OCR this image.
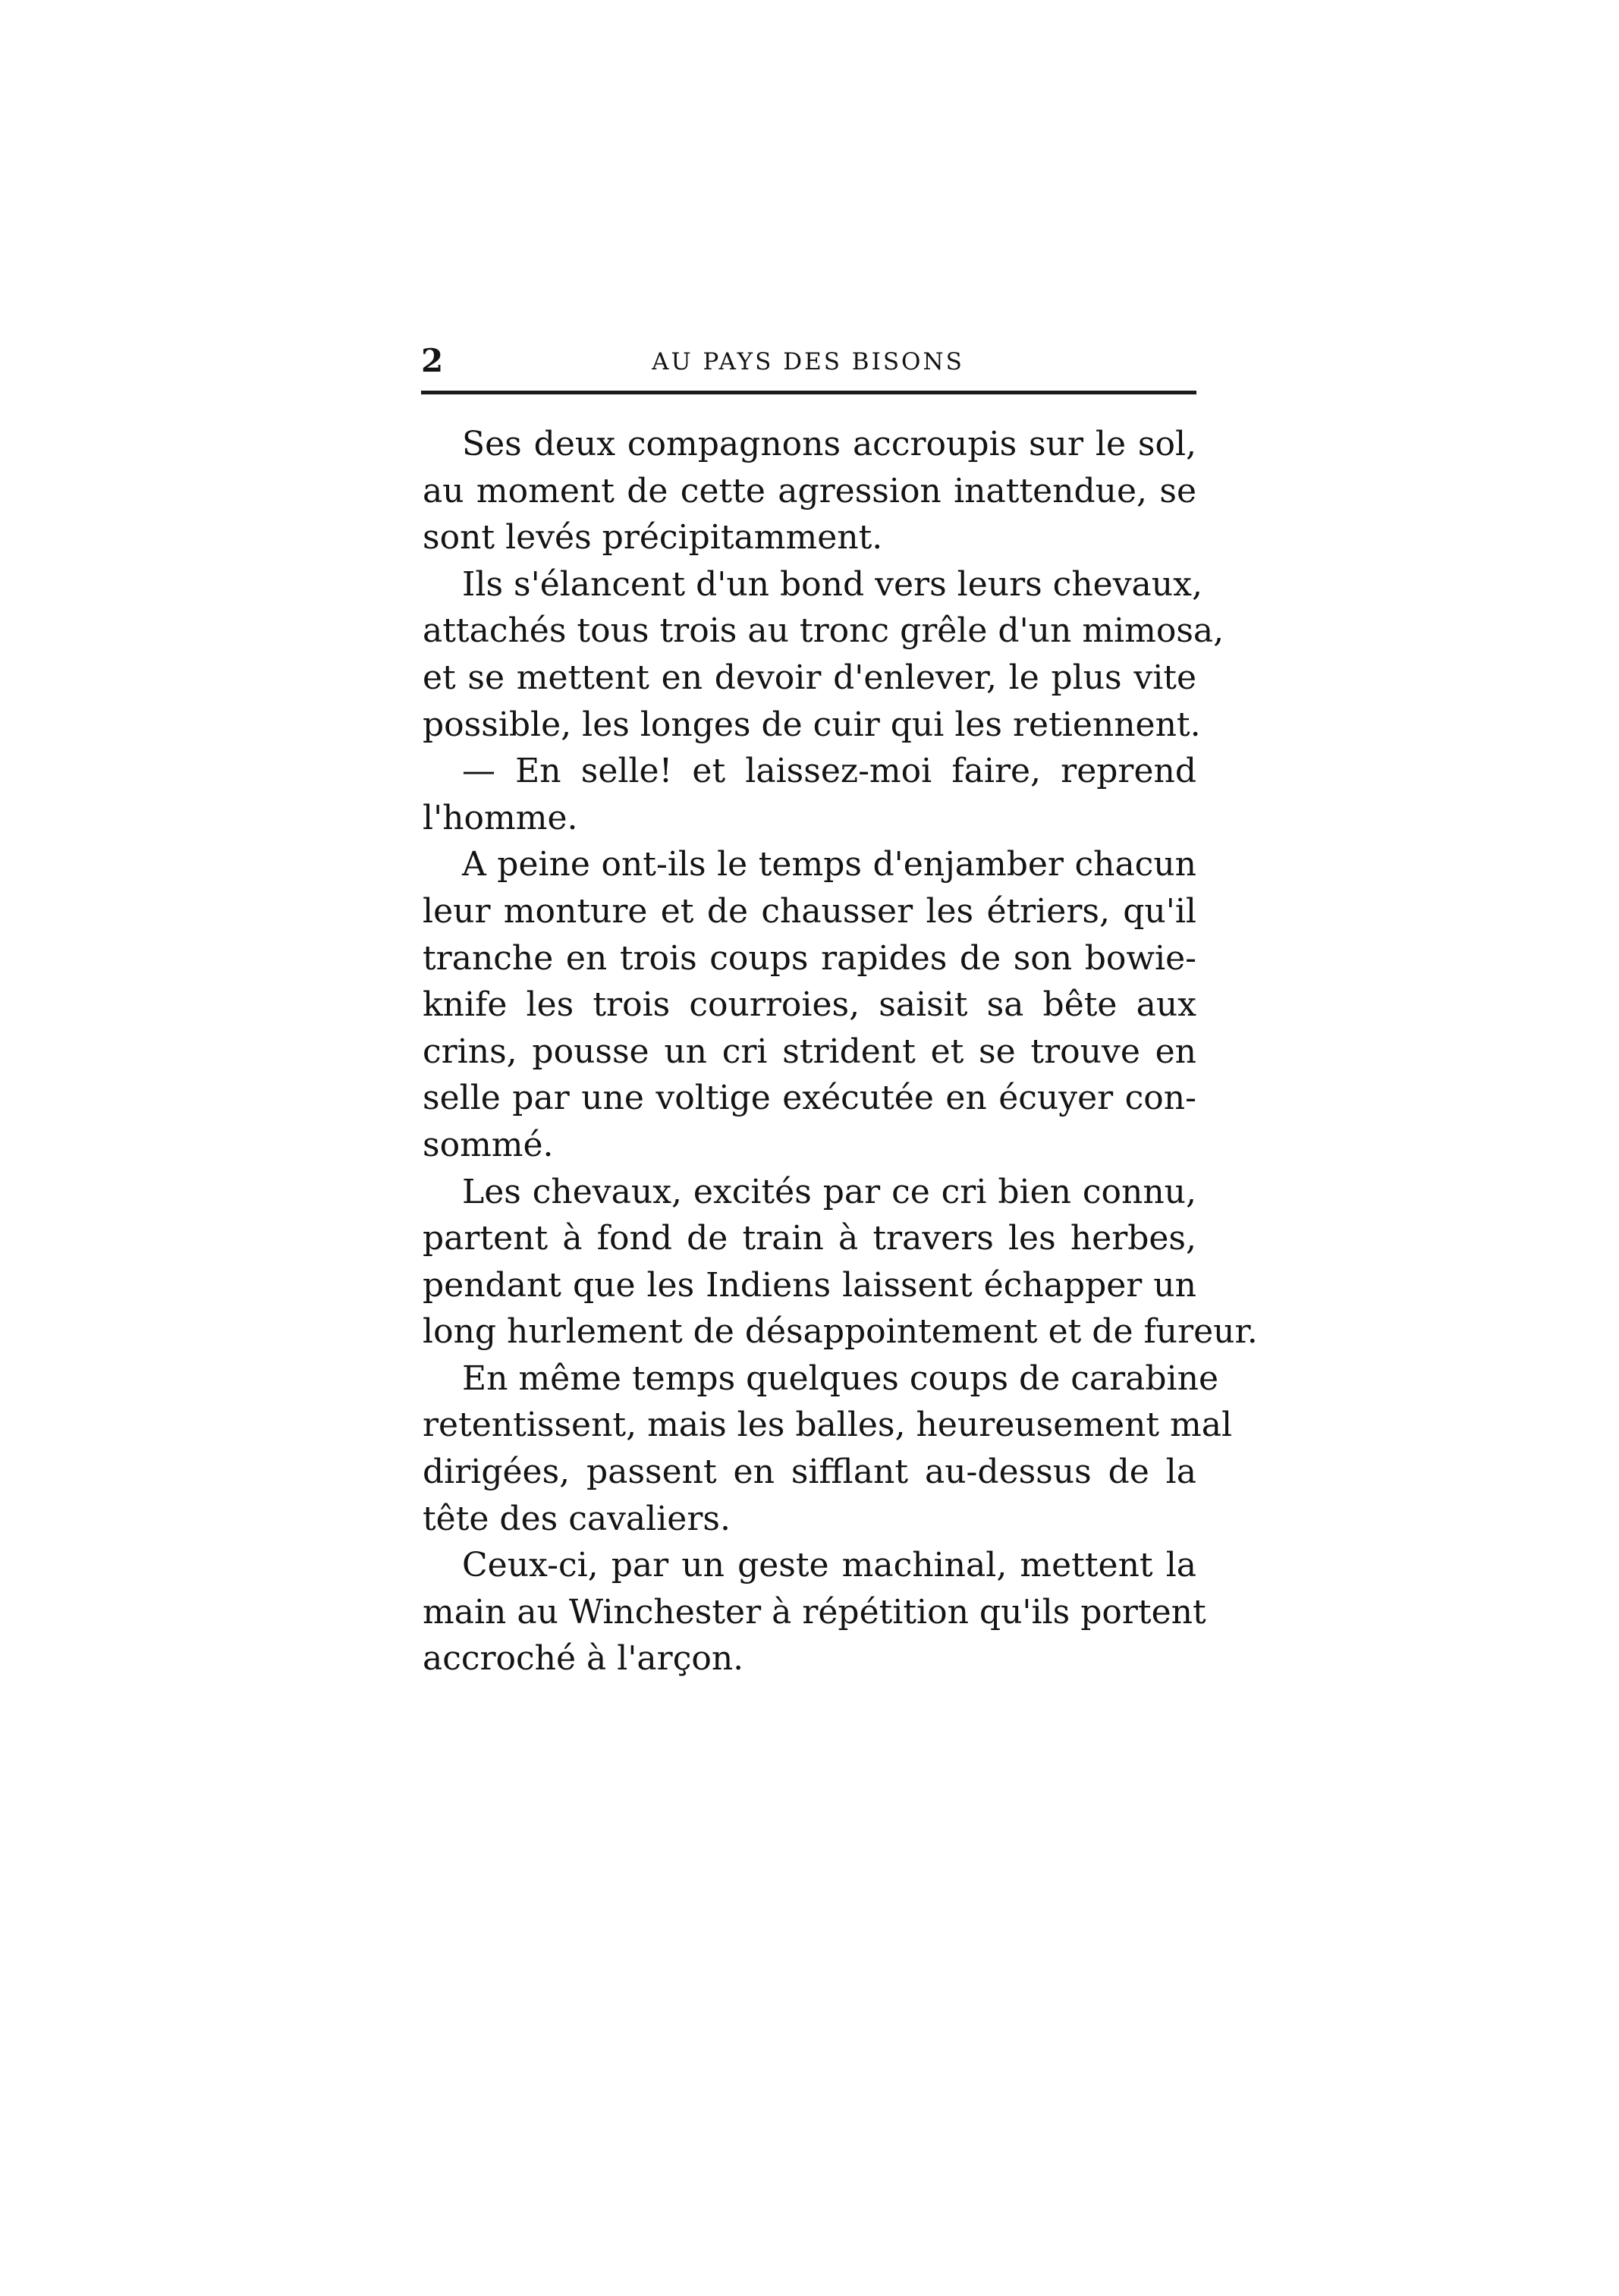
2	AU PAYS DES BISONS
Ses deux compagnons accroupis sur le sol,
au moment de cette agression inattendue, se
sont levés précipitamment.
Ils s'élancent d'un bond vers leurs chevaux,
attachés tous trois au tronc grêle d'un mimosa,
et se mettent en devoir d'enlever, le plus vite
possible, les longes de cuir qui les retiennent.
— En selle! et laissez-moi faire, reprend
l'homme.
A peine ont-ils le temps d'enjamber chacun
leur monture et de chausser les étriers, qu'il
tranche en trois coups rapides de son bowie-
knife les trois courroies, saisit sa bête aux
crins, pousse un cri strident et se trouve en
selle par une voltige exécutée en écuyer con-
sommé.
Les chevaux, excités par ce cri bien connu,
partent à fond de train à travers les herbes,
pendant que les Indiens laissent échapper un
long hurlement de désappointement et de fureur.
En même temps quelques coups de carabine
retentissent, mais les balles, heureusement mal
dirigées, passent en sifflant au-dessus de la
tête des cavaliers.
Ceux-ci, par un geste machinal, mettent la
main au Winchester à répétition qu'ils portent
accroché à l'arçon.
